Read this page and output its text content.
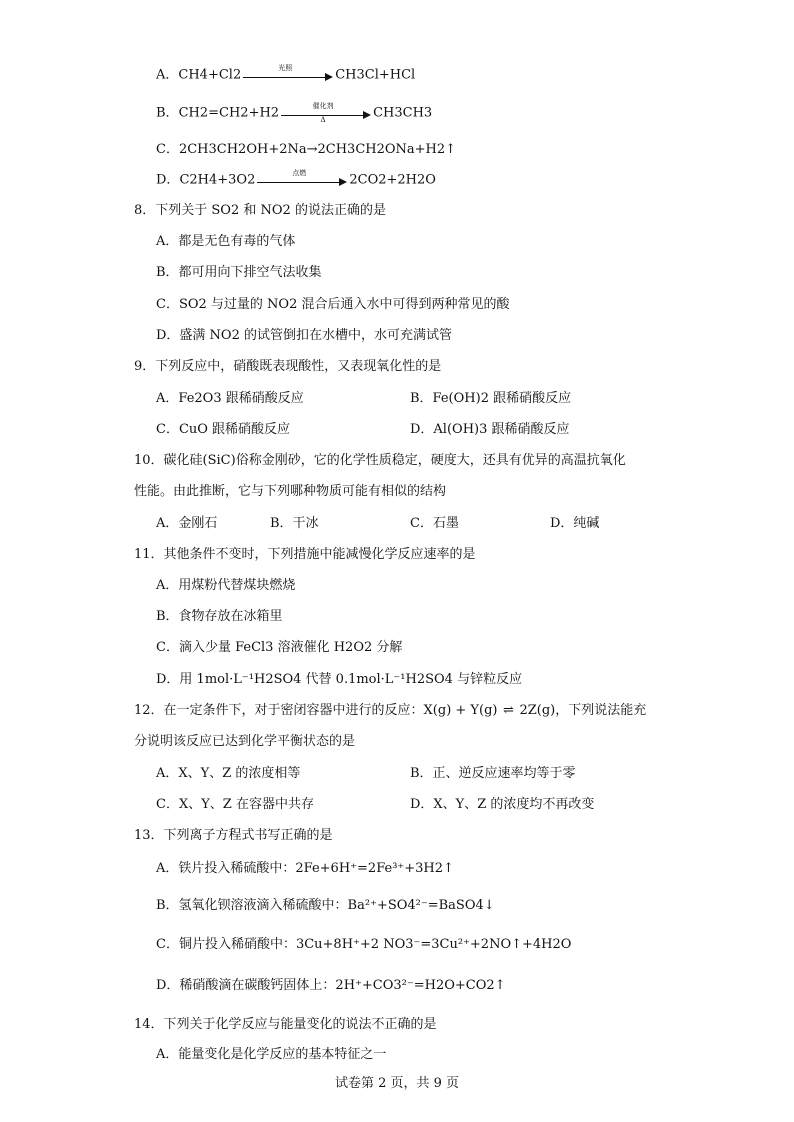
A．CH4+Cl2	光照	CH3Cl+HCl
B．CH2=CH2+H2	催化剂
Δ	CH3CH3
C．2CH3CH2OH+2Na→2CH3CH2ONa+H2↑
D．C2H4+3O2	点燃	2CO2+2H2O
8．下列关于 SO2 和 NO2 的说法正确的是
A．都是无色有毒的气体
B．都可用向下排空气法收集
C．SO2 与过量的 NO2 混合后通入水中可得到两种常见的酸
D．盛满 NO2 的试管倒扣在水槽中，水可充满试管
9．下列反应中，硝酸既表现酸性，又表现氧化性的是
A．Fe2O3 跟稀硝酸反应	B．Fe(OH)2 跟稀硝酸反应
C．CuO 跟稀硝酸反应	D．Al(OH)3 跟稀硝酸反应
10．碳化硅(SiC)俗称金刚砂，它的化学性质稳定，硬度大，还具有优异的高温抗氧化
性能。由此推断，它与下列哪种物质可能有相似的结构
A．金刚石	B．干冰	C．石墨	D．纯碱
11．其他条件不变时，下列措施中能减慢化学反应速率的是
A．用煤粉代替煤块燃烧
B．食物存放在冰箱里
C．滴入少量 FeCl3 溶液催化 H2O2 分解
D．用 1mol·L⁻¹H2SO4 代替 0.1mol·L⁻¹H2SO4 与锌粒反应
12．在一定条件下，对于密闭容器中进行的反应：X(g) + Y(g) ⇌ 2Z(g)，下列说法能充
分说明该反应已达到化学平衡状态的是
A．X、Y、Z 的浓度相等	B．正、逆反应速率均等于零
C．X、Y、Z 在容器中共存	D．X、Y、Z 的浓度均不再改变
13．下列离子方程式书写正确的是
A．铁片投入稀硫酸中：2Fe+6H⁺=2Fe³⁺+3H2↑
B．氢氧化钡溶液滴入稀硫酸中：Ba²⁺+SO4²⁻=BaSO4↓
C．铜片投入稀硝酸中：3Cu+8H⁺+2 NO3⁻=3Cu²⁺+2NO↑+4H2O
D．稀硝酸滴在碳酸钙固体上：2H⁺+CO3²⁻=H2O+CO2↑
14．下列关于化学反应与能量变化的说法不正确的是
A．能量变化是化学反应的基本特征之一
试卷第 2 页，共 9 页
